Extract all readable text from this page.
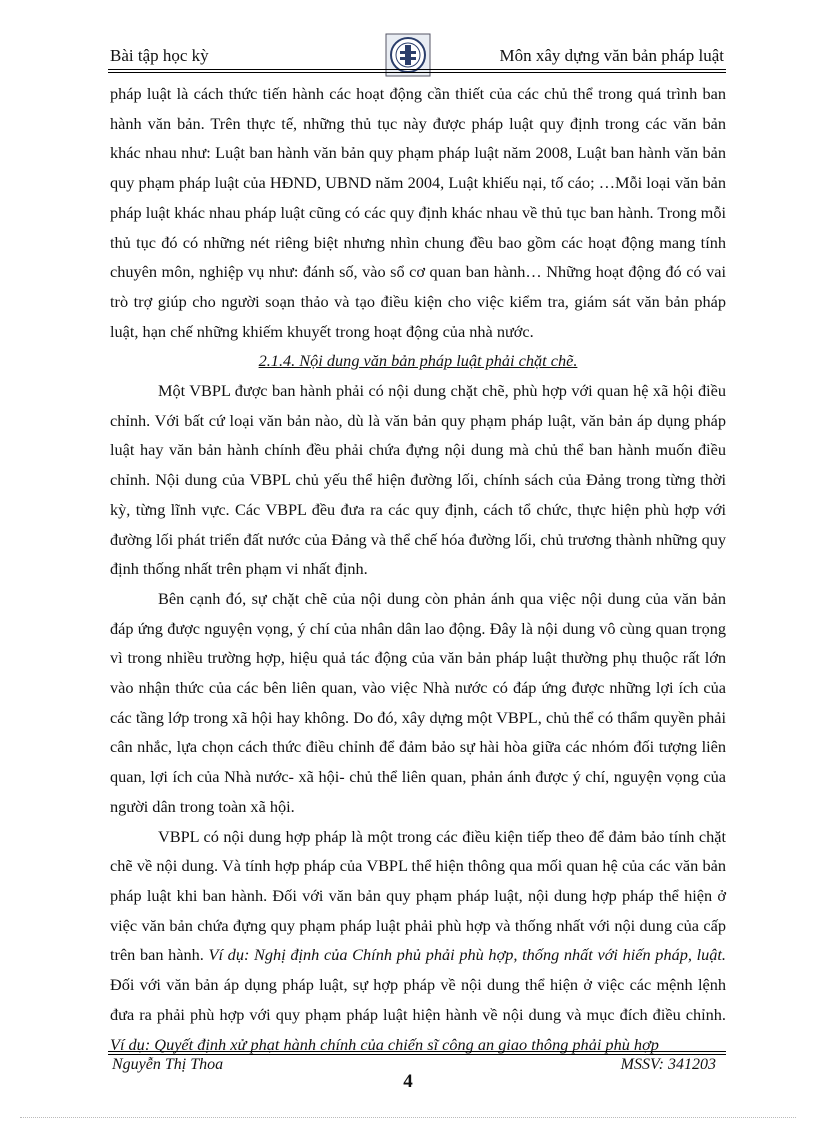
Bài tập học kỳ	Môn xây dựng văn bản pháp luật

pháp luật là cách thức tiến hành các hoạt động cần thiết của các chủ thể trong quá trình ban hành văn bản. Trên thực tế, những thủ tục này được pháp luật quy định trong các văn bản khác nhau như: Luật ban hành văn bản quy phạm pháp luật năm 2008, Luật ban hành văn bản quy phạm pháp luật của HĐND, UBND năm 2004, Luật khiếu nại, tố cáo; …Mỗi loại văn bản pháp luật khác nhau pháp luật cũng có các quy định khác nhau về thủ tục ban hành. Trong mỗi thủ tục đó có những nét riêng biệt nhưng nhìn chung đều bao gồm các hoạt động mang tính chuyên môn, nghiệp vụ như: đánh số, vào sổ cơ quan ban hành… Những hoạt động đó có vai trò trợ giúp cho người soạn thảo và tạo điều kiện cho việc kiểm tra, giám sát văn bản pháp luật, hạn chế những khiếm khuyết trong hoạt động của nhà nước.

2.1.4. Nội dung văn bản pháp luật phải chặt chẽ.

Một VBPL được ban hành phải có nội dung chặt chẽ, phù hợp với quan hệ xã hội điều chỉnh. Với bất cứ loại văn bản nào, dù là văn bản quy phạm pháp luật, văn bản áp dụng pháp luật hay văn bản hành chính đều phải chứa đựng nội dung mà chủ thể ban hành muốn điều chỉnh. Nội dung của VBPL chủ yếu thể hiện đường lối, chính sách của Đảng trong từng thời kỳ, từng lĩnh vực. Các VBPL đều đưa ra các quy định, cách tổ chức, thực hiện phù hợp với đường lối phát triển đất nước của Đảng và thể chế hóa đường lối, chủ trương thành những quy định thống nhất trên phạm vi nhất định.

Bên cạnh đó, sự chặt chẽ của nội dung còn phản ánh qua việc nội dung của văn bản đáp ứng được nguyện vọng, ý chí của nhân dân lao động. Đây là nội dung vô cùng quan trọng vì trong nhiều trường hợp, hiệu quả tác động của văn bản pháp luật thường phụ thuộc rất lớn vào nhận thức của các bên liên quan, vào việc Nhà nước có đáp ứng được những lợi ích của các tầng lớp trong xã hội hay không. Do đó, xây dựng một VBPL, chủ thể có thẩm quyền phải cân nhắc, lựa chọn cách thức điều chỉnh để đảm bảo sự hài hòa giữa các nhóm đối tượng liên quan, lợi ích của Nhà nước- xã hội- chủ thể liên quan, phản ánh được ý chí, nguyện vọng của người dân trong toàn xã hội.

VBPL có nội dung hợp pháp là một trong các điều kiện tiếp theo để đảm bảo tính chặt chẽ về nội dung. Và tính hợp pháp của VBPL thể hiện thông qua mối quan hệ của các văn bản pháp luật khi ban hành. Đối với văn bản quy phạm pháp luật, nội dung hợp pháp thể hiện ở việc văn bản chứa đựng quy phạm pháp luật phải phù hợp và thống nhất với nội dung của cấp trên ban hành. Ví dụ: Nghị định của Chính phủ phải phù hợp, thống nhất với hiến pháp, luật. Đối với văn bản áp dụng pháp luật, sự hợp pháp về nội dung thể hiện ở việc các mệnh lệnh đưa ra phải phù hợp với quy phạm pháp luật hiện hành về nội dung và mục đích điều chỉnh. Ví dụ: Quyết định xử phạt hành chính của chiến sĩ công an giao thông phải phù hợp

Nguyễn Thị Thoa	MSSV: 341203
4
